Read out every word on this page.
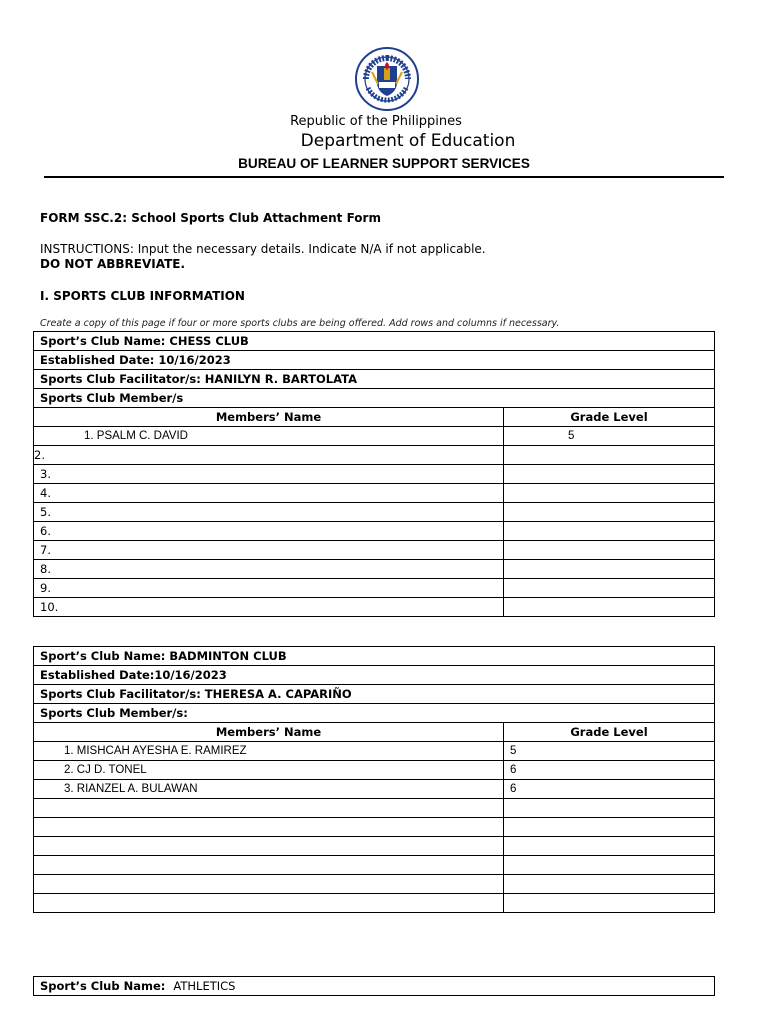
Republic of the Philippines
Department of Education
BUREAU OF LEARNER SUPPORT SERVICES
FORM SSC.2: School Sports Club Attachment Form
INSTRUCTIONS: Input the necessary details. Indicate N/A if not applicable.
DO NOT ABBREVIATE.
I. SPORTS CLUB INFORMATION
Create a copy of this page if four or more sports clubs are being offered. Add rows and columns if necessary.
Sport’s Club Name: CHESS CLUB	
Established Date: 10/16/2023	
Sports Club Facilitator/s: HANILYN R. BARTOLATA	
Sports Club Member/s	
Members’ Name	Grade Level
1. PSALM C. DAVID	5
2.	
3.	
4.	
5.	
6.	
7.	
8.	
9.	
10.	
Sport’s Club Name: BADMINTON CLUB	
Established Date:10/16/2023	
Sports Club Facilitator/s: THERESA A. CAPARIÑO	
Sports Club Member/s:	
Members’ Name	Grade Level
1. MISHCAH AYESHA E. RAMIREZ	5
2. CJ D. TONEL	6
3. RIANZEL A. BULAWAN	6

Sport’s Club Name: ATHLETICS
